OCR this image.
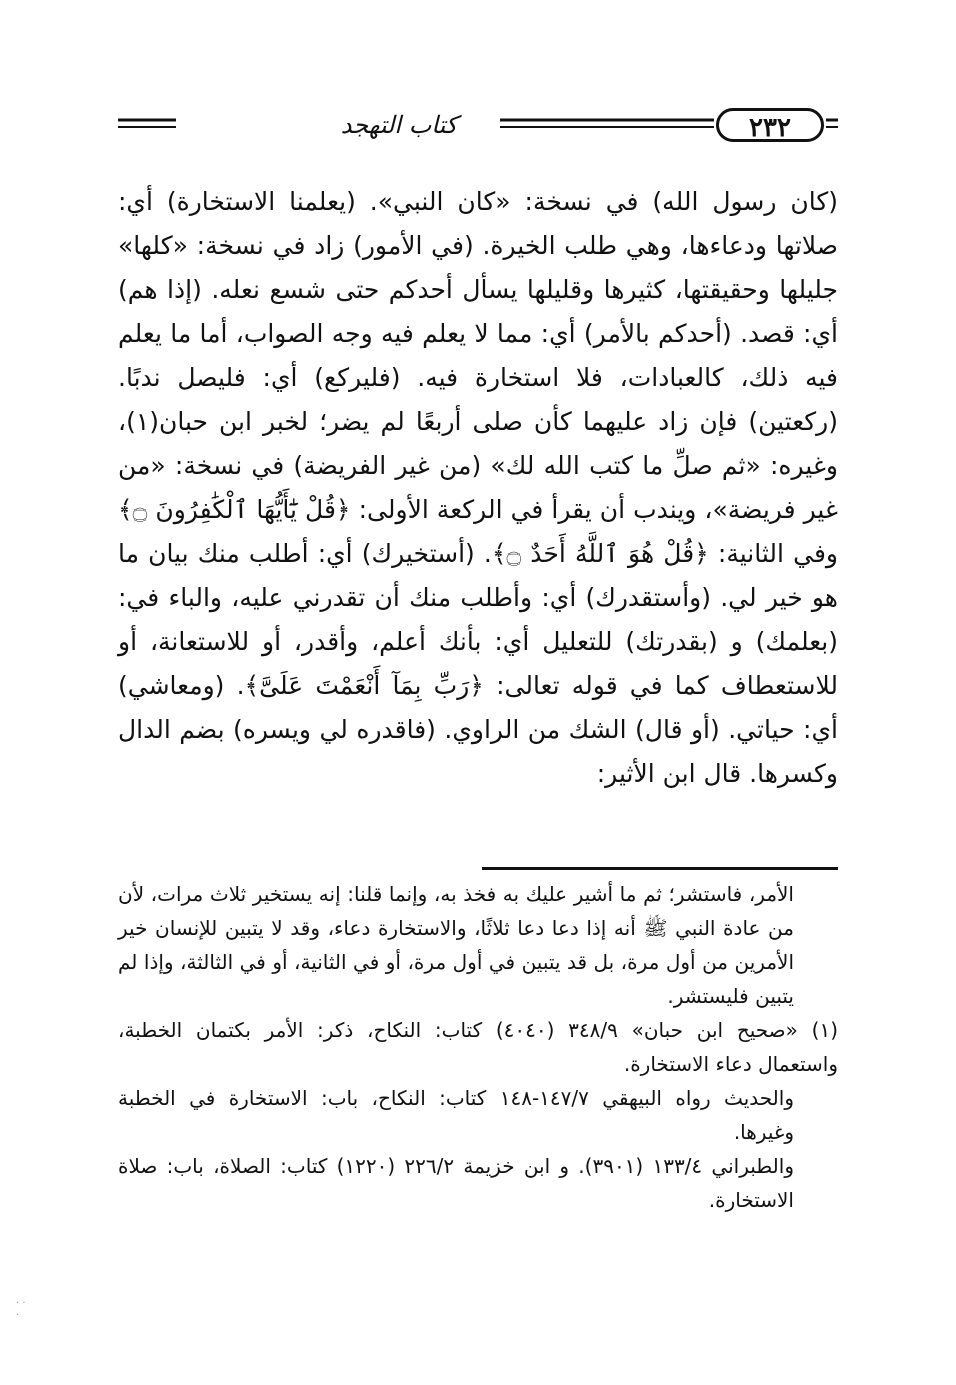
كتاب التهجد	٢٣٢

(كان رسول الله) في نسخة: «كان النبي». (يعلمنا الاستخارة) أي: صلاتها ودعاءها، وهي طلب الخيرة. (في الأمور) زاد في نسخة: «كلها» جليلها وحقيقتها، كثيرها وقليلها يسأل أحدكم حتى شسع نعله. (إذا هم) أي: قصد. (أحدكم بالأمر) أي: مما لا يعلم فيه وجه الصواب، أما ما يعلم فيه ذلك، كالعبادات، فلا استخارة فيه. (فليركع) أي: فليصل ندبًا. (ركعتين) فإن زاد عليهما كأن صلى أربعًا لم يضر؛ لخبر ابن حبان(١)، وغيره: «ثم صلِّ ما كتب الله لك» (من غير الفريضة) في نسخة: «من غير فريضة»، ويندب أن يقرأ في الركعة الأولى: ﴿قُلْ يَٰٓأَيُّهَا ٱلْكَٰفِرُونَ ۝﴾ وفي الثانية: ﴿قُلْ هُوَ ٱللَّهُ أَحَدٌ ۝﴾. (أستخيرك) أي: أطلب منك بيان ما هو خير لي. (وأستقدرك) أي: وأطلب منك أن تقدرني عليه، والباء في: (بعلمك) و (بقدرتك) للتعليل أي: بأنك أعلم، وأقدر، أو للاستعانة، أو للاستعطاف كما في قوله تعالى: ﴿رَبِّ بِمَآ أَنْعَمْتَ عَلَىَّ﴾. (ومعاشي) أي: حياتي. (أو قال) الشك من الراوي. (فاقدره لي ويسره) بضم الدال وكسرها. قال ابن الأثير:

الأمر، فاستشر؛ ثم ما أشير عليك به فخذ به، وإنما قلنا: إنه يستخير ثلاث مرات، لأن من عادة النبي ﷺ أنه إذا دعا دعا ثلاثًا، والاستخارة دعاء، وقد لا يتبين للإنسان خير الأمرين من أول مرة، بل قد يتبين في أول مرة، أو في الثانية، أو في الثالثة، وإذا لم يتبين فليستشر.

(١) «صحيح ابن حبان» ٣٤٨/٩ (٤٠٤٠) كتاب: النكاح، ذكر: الأمر بكتمان الخطبة، واستعمال دعاء الاستخارة.

والحديث رواه البيهقي ١٤٧/٧-١٤٨ كتاب: النكاح، باب: الاستخارة في الخطبة وغيرها.

والطبراني ١٣٣/٤ (٣٩٠١). و ابن خزيمة ٢٢٦/٢ (١٢٢٠) كتاب: الصلاة، باب: صلاة الاستخارة.

· · ·
